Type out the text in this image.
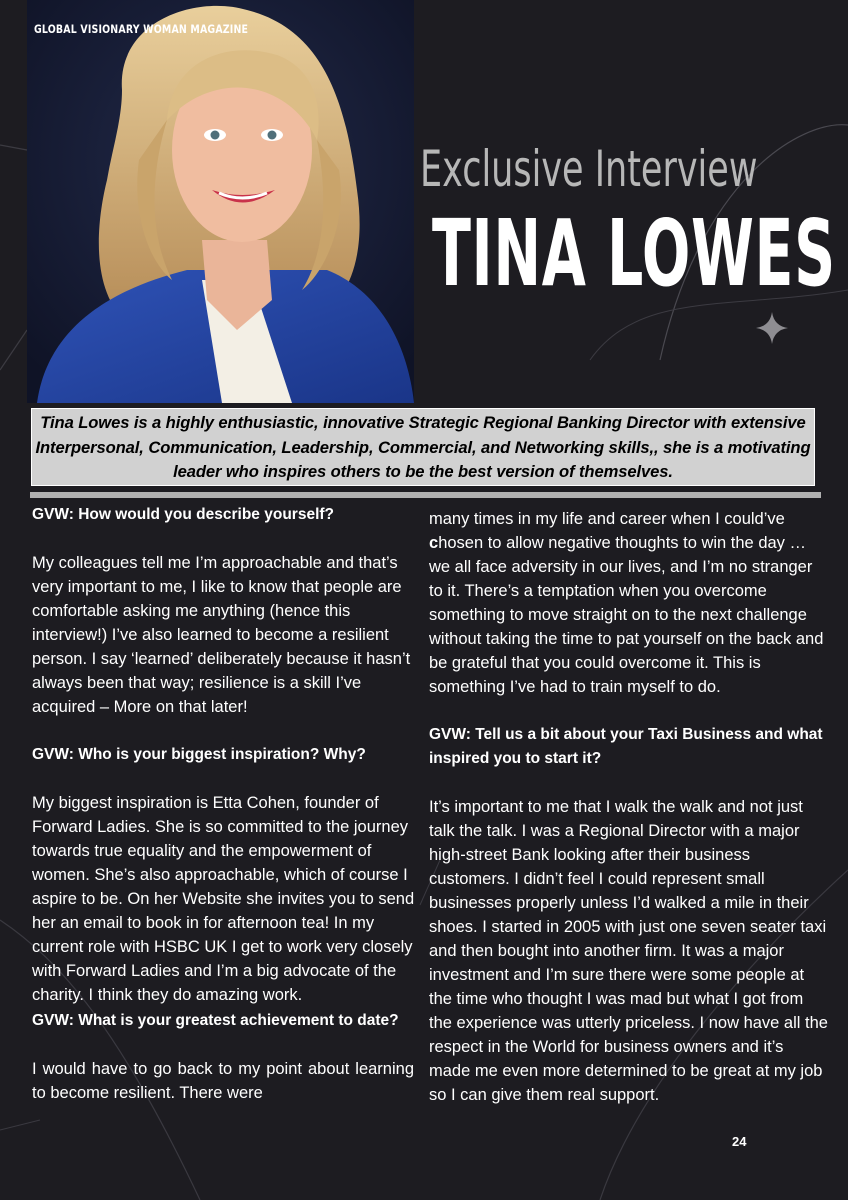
GLOBAL VISIONARY WOMAN MAGAZINE
Exclusive Interview
TINA LOWES
Tina Lowes is a highly enthusiastic, innovative Strategic Regional Banking Director with extensive Interpersonal, Communication, Leadership, Commercial, and Networking skills,, she is a motivating leader who inspires others to be the best version of themselves.

GVW: How would you describe yourself?

My colleagues tell me I’m approachable and that’s very important to me, I like to know that people are comfortable asking me anything (hence this interview!) I’ve also learned to become a resilient person. I say ‘learned’ deliberately because it hasn’t always been that way; resilience is a skill I’ve acquired – More on that later!

GVW: Who is your biggest inspiration? Why?

My biggest inspiration is Etta Cohen, founder of Forward Ladies. She is so committed to the journey towards true equality and the empowerment of women. She’s also approachable, which of course I aspire to be. On her Website she invites you to send her an email to book in for afternoon tea! In my current role with HSBC UK I get to work very closely with Forward Ladies and I’m a big advocate of the charity. I think they do amazing work.

GVW: What is your greatest achievement to date?

I would have to go back to my point about learning to become resilient. There were

many times in my life and career when I could’ve chosen to allow negative thoughts to win the day … we all face adversity in our lives, and I’m no stranger to it. There’s a temptation when you overcome something to move straight on to the next challenge without taking the time to pat yourself on the back and be grateful that you could overcome it. This is something I’ve had to train myself to do.

GVW: Tell us a bit about your Taxi Business and what inspired you to start it?

It’s important to me that I walk the walk and not just talk the talk. I was a Regional Director with a major high-street Bank looking after their business customers. I didn’t feel I could represent small businesses properly unless I’d walked a mile in their shoes. I started in 2005 with just one seven seater taxi and then bought into another firm. It was a major investment and I’m sure there were some people at the time who thought I was mad but what I got from the experience was utterly priceless. I now have all the respect in the World for business owners and it’s made me even more determined to be great at my job so I can give them real support.

24
